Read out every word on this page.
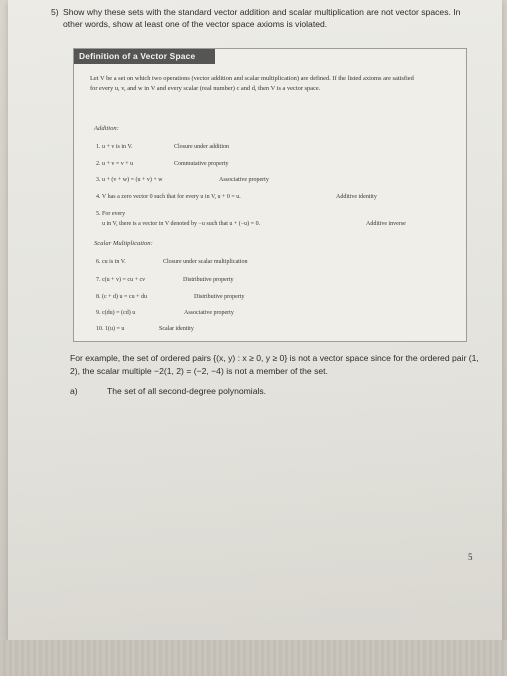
5) Show why these sets with the standard vector addition and scalar multiplication are not vector spaces. In other words, show at least one of the vector space axioms is violated.
Definition of a Vector Space
Let V be a set on which two operations (vector addition and scalar multiplication) are defined. If the listed axioms are satisfied for every u, v, and w in V and every scalar (real number) c and d, then V is a vector space.
Addition:
1. u + v is in V.	Closure under addition
2. u + v = v + u	Commutative property
3. u + (v + w) = (u + v) + w	Associative property
4. V has a zero vector 0 such that for every u in V, u + 0 = u.	Additive identity
5. For every
u in V, there is a vector in V denoted by −u such that u + (−u) = 0.	Additive inverse
Scalar Multiplication:
6. cu is in V.	Closure under scalar multiplication
7. c(u + v) = cu + cv	Distributive property
8. (c + d) u = cu + du	Distributive property
9. c(du) = (cd) u	Associative property
10. 1(u) = u	Scalar identity
For example, the set of ordered pairs {(x, y) : x ≥ 0, y ≥ 0} is not a vector space since for the ordered pair (1, 2), the scalar multiple −2(1, 2) = (−2, −4) is not a member of the set.
a)	The set of all second-degree polynomials.
5
